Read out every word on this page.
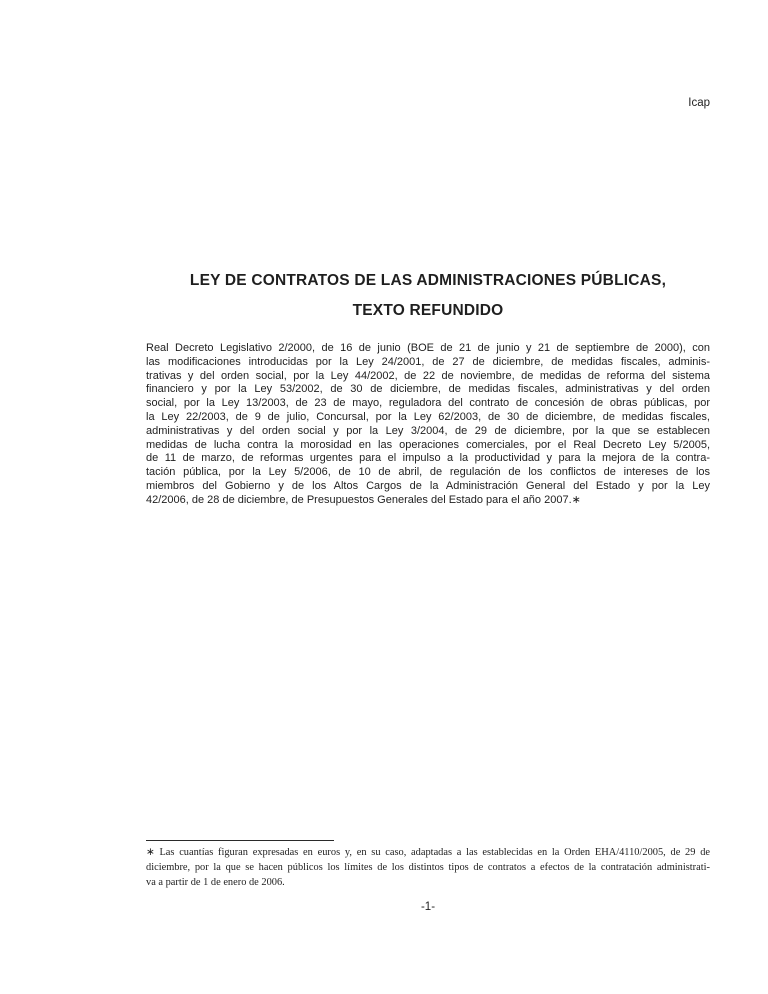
Icap
LEY DE CONTRATOS DE LAS ADMINISTRACIONES PÚBLICAS,
TEXTO REFUNDIDO
Real Decreto Legislativo 2/2000, de 16 de junio (BOE de 21 de junio y 21 de septiembre de 2000), con
las modificaciones introducidas por la Ley 24/2001, de 27 de diciembre, de medidas fiscales, adminis-
trativas y del orden social, por la Ley 44/2002, de 22 de noviembre, de medidas de reforma del sistema
financiero y por la Ley 53/2002, de 30 de diciembre, de medidas fiscales, administrativas y del orden
social, por la Ley 13/2003, de 23 de mayo, reguladora del contrato de concesión de obras públicas, por
la Ley 22/2003, de 9 de julio, Concursal, por la Ley 62/2003, de 30 de diciembre, de medidas fiscales,
administrativas y del orden social y por la Ley 3/2004, de 29 de diciembre, por la que se establecen
medidas de lucha contra la morosidad en las operaciones comerciales, por el Real Decreto Ley 5/2005,
de 11 de marzo, de reformas urgentes para el impulso a la productividad y para la mejora de la contra-
tación pública, por la Ley 5/2006, de 10 de abril, de regulación de los conflictos de intereses de los
miembros del Gobierno y de los Altos Cargos de la Administración General del Estado y por la Ley
42/2006, de 28 de diciembre, de Presupuestos Generales del Estado para el año 2007.∗
∗ Las cuantías figuran expresadas en euros y, en su caso, adaptadas a las establecidas en la Orden EHA/4110/2005, de 29 de
diciembre, por la que se hacen públicos los límites de los distintos tipos de contratos a efectos de la contratación administrati-
va a partir de 1 de enero de 2006.
-1-
